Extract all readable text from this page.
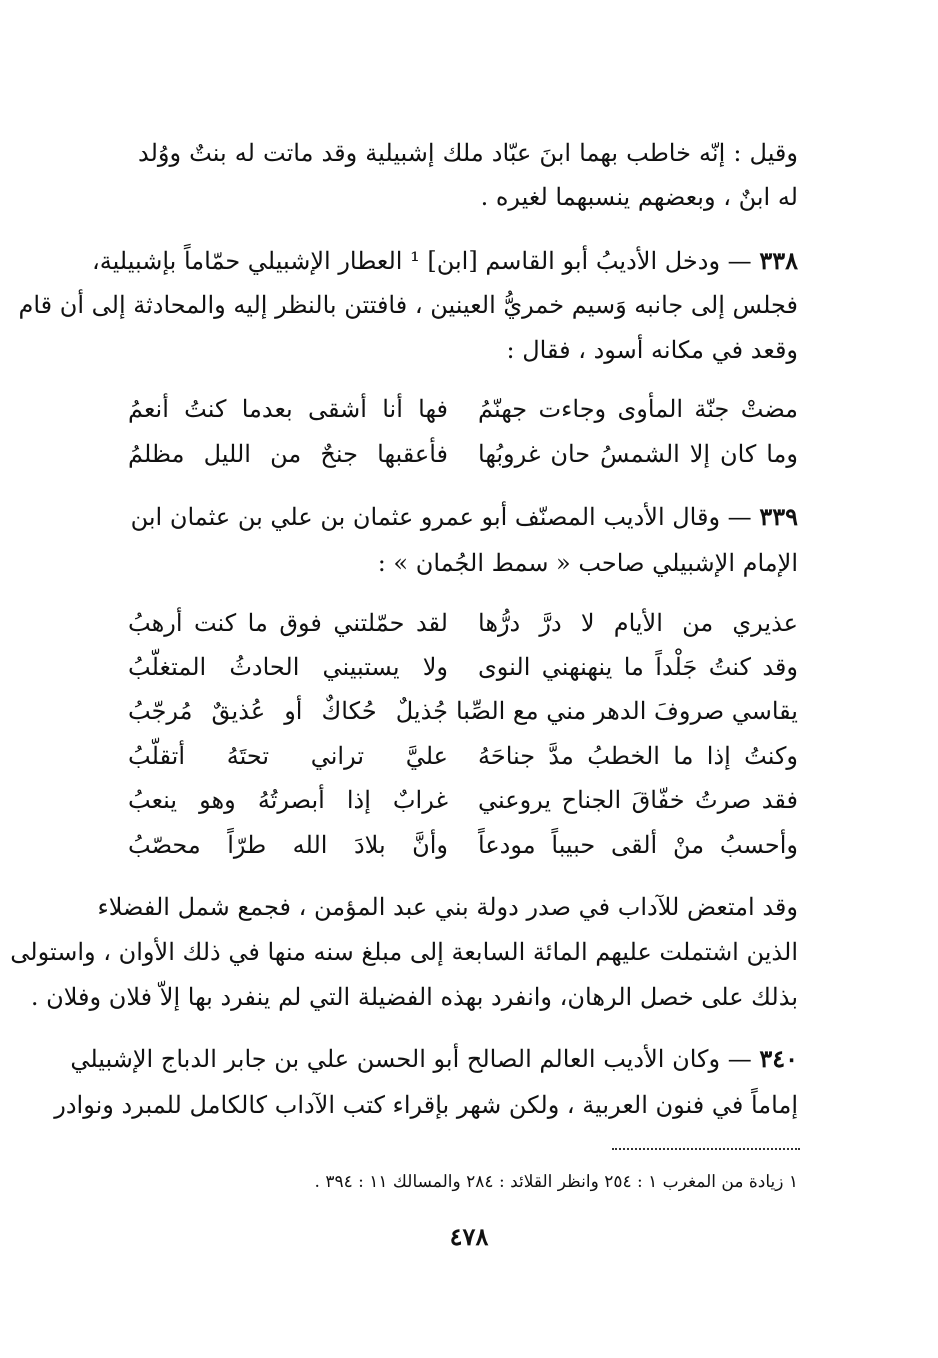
وقيل : إنّه خاطب بهما ابنَ عبّاد ملك إشبيلية وقد ماتت له بنتٌ ووُلد
له ابنٌ ، وبعضهم ينسبهما لغيره .
٣٣٨ — ودخل الأديبُ أبو القاسم [ابن] ¹ العطار الإشبيلي حمّاماً بإشبيلية،
فجلس إلى جانبه وَسيم خمريُّ العينين ، فافتتن بالنظر إليه والمحادثة إلى أن قام
وقعد في مكانه أسود ، فقال :
مضتْ جنّة المأوى وجاءت جهنّمُ
فها أنا أشقى بعدما كنتُ أنعمُ
وما كان إلا الشمسُ حان غروبُها
فأعقبها جنحٌ من الليل مظلمُ
٣٣٩ — وقال الأديب المصنّف أبو عمرو عثمان بن علي بن عثمان ابن
الإمام الإشبيلي صاحب « سمط الجُمان » :
عذيري من الأيام لا درَّ درُّها
لقد حمّلتني فوق ما كنت أرهبُ
وقد كنتُ جَلْداً ما ينهنهني النوى
ولا يستبيني الحادثُ المتغلّبُ
يقاسي صروفَ الدهر مني مع الصِّبا
جُذيلٌ حُكاكٌ أو عُذيقٌ مُرجّبُ
وكنتُ إذا ما الخطبُ مدَّ جناحَهُ
عليَّ تراني تحتَهُ أتقلّبُ
فقد صرتُ خفّاقَ الجناح يروعني
غرابٌ إذا أبصرتُهُ وهو ينعبُ
وأحسبُ منْ ألقى حبيباً مودعاً
وأنَّ بلادَ الله طرّاً محصّبُ
وقد امتعض للآداب في صدر دولة بني عبد المؤمن ، فجمع شمل الفضلاء
الذين اشتملت عليهم المائة السابعة إلى مبلغ سنه منها في ذلك الأوان ، واستولى
بذلك على خصل الرهان، وانفرد بهذه الفضيلة التي لم ينفرد بها إلاّ فلان وفلان .
٣٤٠ — وكان الأديب العالم الصالح أبو الحسن علي بن جابر الدباج الإشبيلي
إماماً في فنون العربية ، ولكن شهر بإقراء كتب الآداب كالكامل للمبرد ونوادر
١ زيادة من المغرب ١ : ٢٥٤ وانظر القلائد : ٢٨٤ والمسالك ١١ : ٣٩٤ .
٤٧٨
